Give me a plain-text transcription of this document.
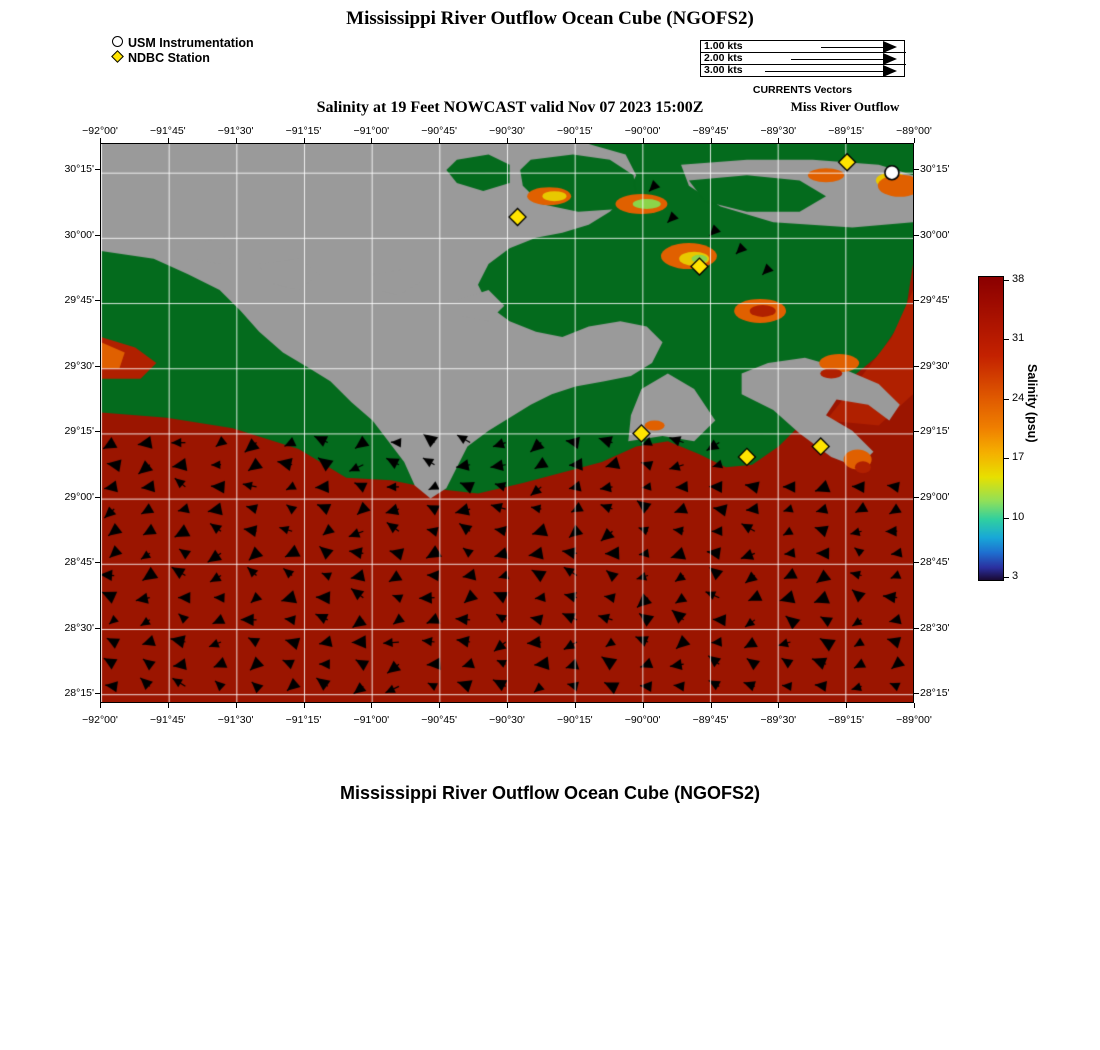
Mississippi River Outflow Ocean Cube (NGOFS2)
Salinity at 19 Feet NOWCAST valid Nov 07 2023 15:00Z
Mississippi River Outflow Ocean Cube (NGOFS2)
Miss River Outflow
USM Instrumentation
NDBC Station
1.00 kts
2.00 kts
3.00 kts
CURRENTS Vectors
−92°00'
−92°00'
−91°45'
−91°45'
−91°30'
−91°30'
−91°15'
−91°15'
−91°00'
−91°00'
−90°45'
−90°45'
−90°30'
−90°30'
−90°15'
−90°15'
−90°00'
−90°00'
−89°45'
−89°45'
−89°30'
−89°30'
−89°15'
−89°15'
−89°00'
−89°00'
30°15'	30°15'
30°00'	30°00'
29°45'	29°45'
29°30'	29°30'
29°15'	29°15'
29°00'	29°00'
28°45'	28°45'
28°30'	28°30'
28°15'	28°15'
38
31
24
17
10
3
Salinity (psu)
